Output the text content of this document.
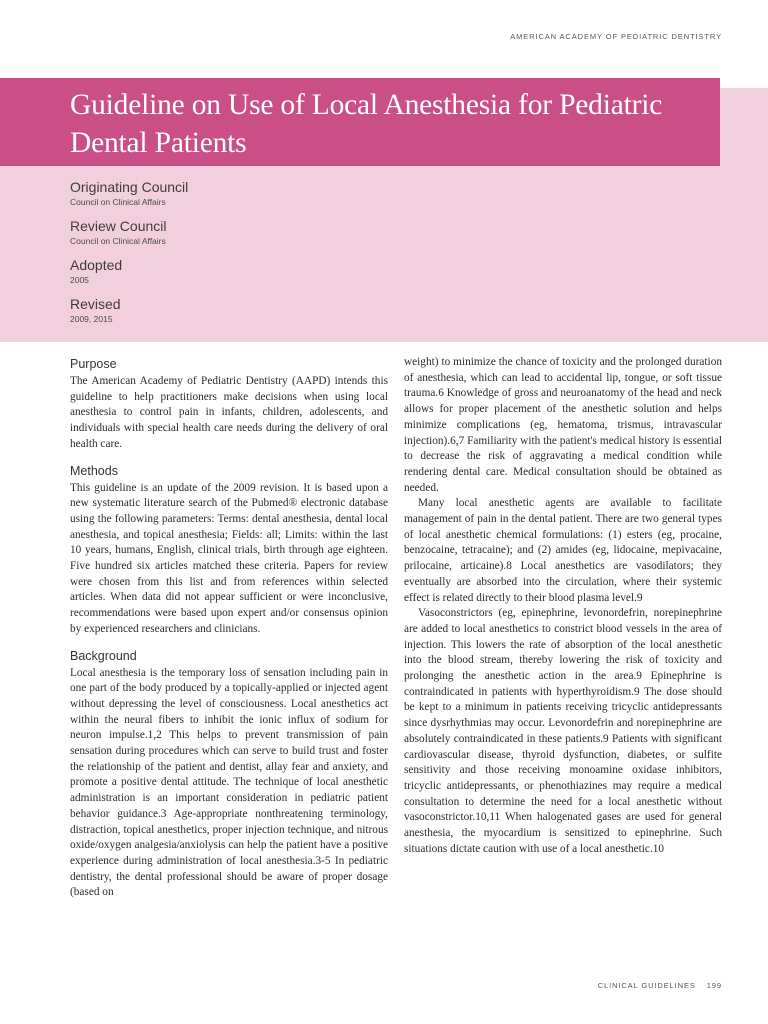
AMERICAN ACADEMY OF PEDIATRIC DENTISTRY
Guideline on Use of Local Anesthesia for Pediatric Dental Patients
Originating Council
Council on Clinical Affairs
Review Council
Council on Clinical Affairs
Adopted
2005
Revised
2009, 2015
Purpose

The American Academy of Pediatric Dentistry (AAPD) intends this guideline to help practitioners make decisions when using local anesthesia to control pain in infants, children, adolescents, and individuals with special health care needs during the delivery of oral health care.

Methods

This guideline is an update of the 2009 revision. It is based upon a new systematic literature search of the Pubmed® electronic database using the following parameters: Terms: dental anesthesia, dental local anesthesia, and topical anesthesia; Fields: all; Limits: within the last 10 years, humans, English, clinical trials, birth through age eighteen. Five hundred six articles matched these criteria. Papers for review were chosen from this list and from references within selected articles. When data did not appear sufficient or were inconclusive, recommendations were based upon expert and/or consensus opinion by experienced researchers and clinicians.

Background

Local anesthesia is the temporary loss of sensation including pain in one part of the body produced by a topically-applied or injected agent without depressing the level of consciousness. Local anesthetics act within the neural fibers to inhibit the ionic influx of sodium for neuron impulse.1,2 This helps to prevent transmission of pain sensation during procedures which can serve to build trust and foster the relationship of the patient and dentist, allay fear and anxiety, and promote a positive dental attitude. The technique of local anesthetic administration is an important consideration in pediatric patient behavior guidance.3 Age-appropriate nonthreatening terminology, distraction, topical anesthetics, proper injection technique, and nitrous oxide/oxygen analgesia/anxiolysis can help the patient have a positive experience during administration of local anesthesia.3-5 In pediatric dentistry, the dental professional should be aware of proper dosage (based on

weight) to minimize the chance of toxicity and the prolonged duration of anesthesia, which can lead to accidental lip, tongue, or soft tissue trauma.6 Knowledge of gross and neuroanatomy of the head and neck allows for proper placement of the anesthetic solution and helps minimize complications (eg, hematoma, trismus, intravascular injection).6,7 Familiarity with the patient's medical history is essential to decrease the risk of aggravating a medical condition while rendering dental care. Medical consultation should be obtained as needed.

Many local anesthetic agents are available to facilitate management of pain in the dental patient. There are two general types of local anesthetic chemical formulations: (1) esters (eg, procaine, benzocaine, tetracaine); and (2) amides (eg, lidocaine, mepivacaine, prilocaine, articaine).8 Local anesthetics are vasodilators; they eventually are absorbed into the circulation, where their systemic effect is related directly to their blood plasma level.9

Vasoconstrictors (eg, epinephrine, levonordefrin, norepinephrine are added to local anesthetics to constrict blood vessels in the area of injection. This lowers the rate of absorption of the local anesthetic into the blood stream, thereby lowering the risk of toxicity and prolonging the anesthetic action in the area.9 Epinephrine is contraindicated in patients with hyperthyroidism.9 The dose should be kept to a minimum in patients receiving tricyclic antidepressants since dysrhythmias may occur. Levonordefrin and norepinephrine are absolutely contraindicated in these patients.9 Patients with significant cardiovascular disease, thyroid dysfunction, diabetes, or sulfite sensitivity and those receiving monoamine oxidase inhibitors, tricyclic antidepressants, or phenothiazines may require a medical consultation to determine the need for a local anesthetic without vasoconstrictor.10,11 When halogenated gases are used for general anesthesia, the myocardium is sensitized to epinephrine. Such situations dictate caution with use of a local anesthetic.10

CLINICAL GUIDELINES 199
